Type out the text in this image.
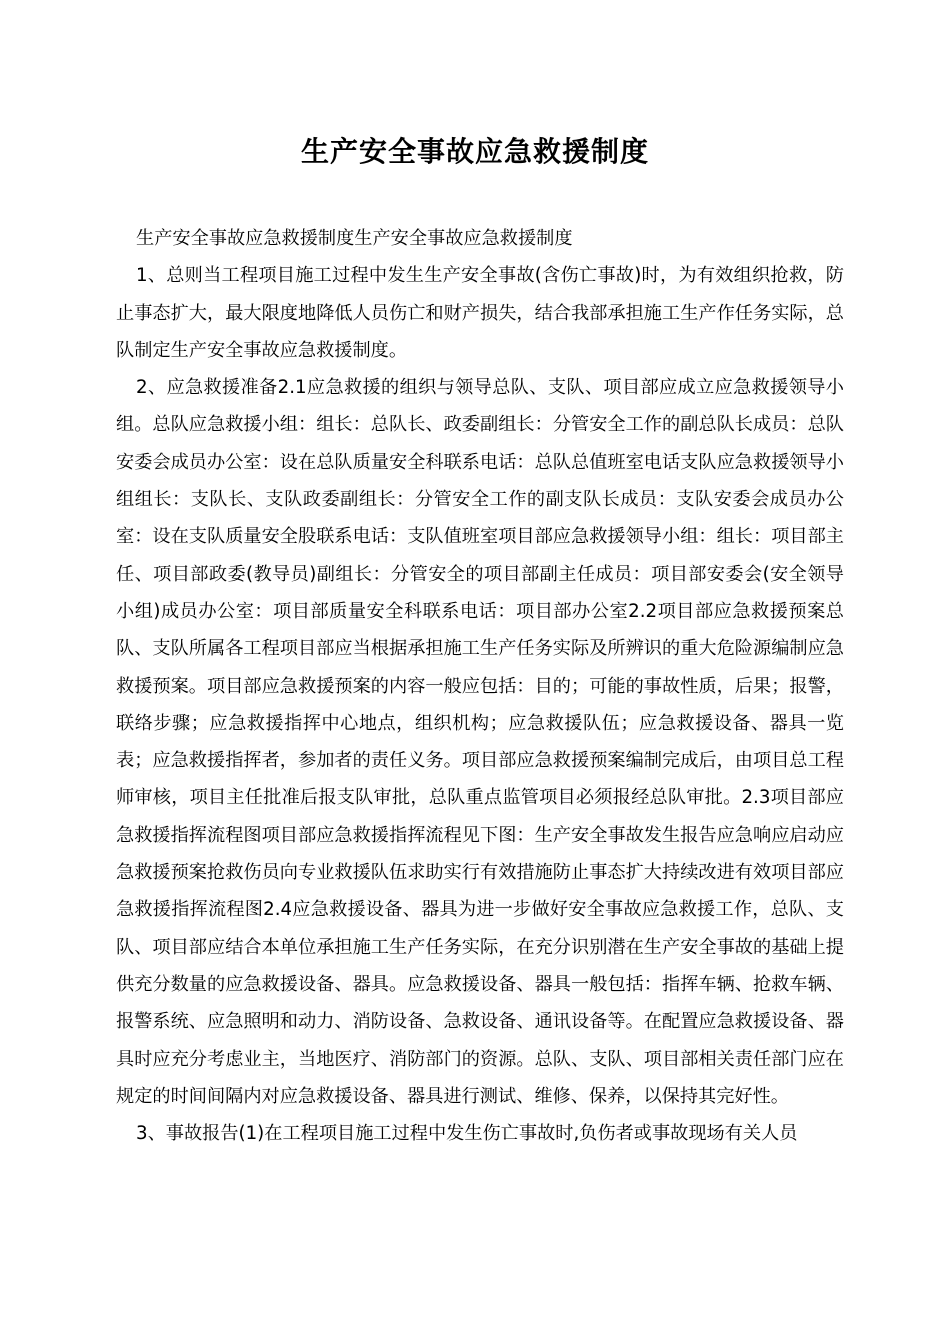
生产安全事故应急救援制度

生产安全事故应急救援制度生产安全事故应急救援制度

1、总则当工程项目施工过程中发生生产安全事故(含伤亡事故)时，为有效组织抢救，防止事态扩大，最大限度地降低人员伤亡和财产损失，结合我部承担施工生产作任务实际，总队制定生产安全事故应急救援制度。

2、应急救援准备2.1应急救援的组织与领导总队、支队、项目部应成立应急救援领导小组。总队应急救援小组：组长：总队长、政委副组长：分管安全工作的副总队长成员：总队安委会成员办公室：设在总队质量安全科联系电话：总队总值班室电话支队应急救援领导小组组长：支队长、支队政委副组长：分管安全工作的副支队长成员：支队安委会成员办公室：设在支队质量安全股联系电话：支队值班室项目部应急救援领导小组：组长：项目部主任、项目部政委(教导员)副组长：分管安全的项目部副主任成员：项目部安委会(安全领导小组)成员办公室：项目部质量安全科联系电话：项目部办公室2.2项目部应急救援预案总队、支队所属各工程项目部应当根据承担施工生产任务实际及所辨识的重大危险源编制应急救援预案。项目部应急救援预案的内容一般应包括：目的；可能的事故性质，后果；报警，联络步骤；应急救援指挥中心地点，组织机构；应急救援队伍；应急救援设备、器具一览表；应急救援指挥者，参加者的责任义务。项目部应急救援预案编制完成后，由项目总工程师审核，项目主任批准后报支队审批，总队重点监管项目必须报经总队审批。2.3项目部应急救援指挥流程图项目部应急救援指挥流程见下图：生产安全事故发生报告应急响应启动应急救援预案抢救伤员向专业救援队伍求助实行有效措施防止事态扩大持续改进有效项目部应急救援指挥流程图2.4应急救援设备、器具为进一步做好安全事故应急救援工作，总队、支队、项目部应结合本单位承担施工生产任务实际，在充分识别潜在生产安全事故的基础上提供充分数量的应急救援设备、器具。应急救援设备、器具一般包括：指挥车辆、抢救车辆、报警系统、应急照明和动力、消防设备、急救设备、通讯设备等。在配置应急救援设备、器具时应充分考虑业主，当地医疗、消防部门的资源。总队、支队、项目部相关责任部门应在规定的时间间隔内对应急救援设备、器具进行测试、维修、保养，以保持其完好性。

3、事故报告(1)在工程项目施工过程中发生伤亡事故时,负伤者或事故现场有关人员
